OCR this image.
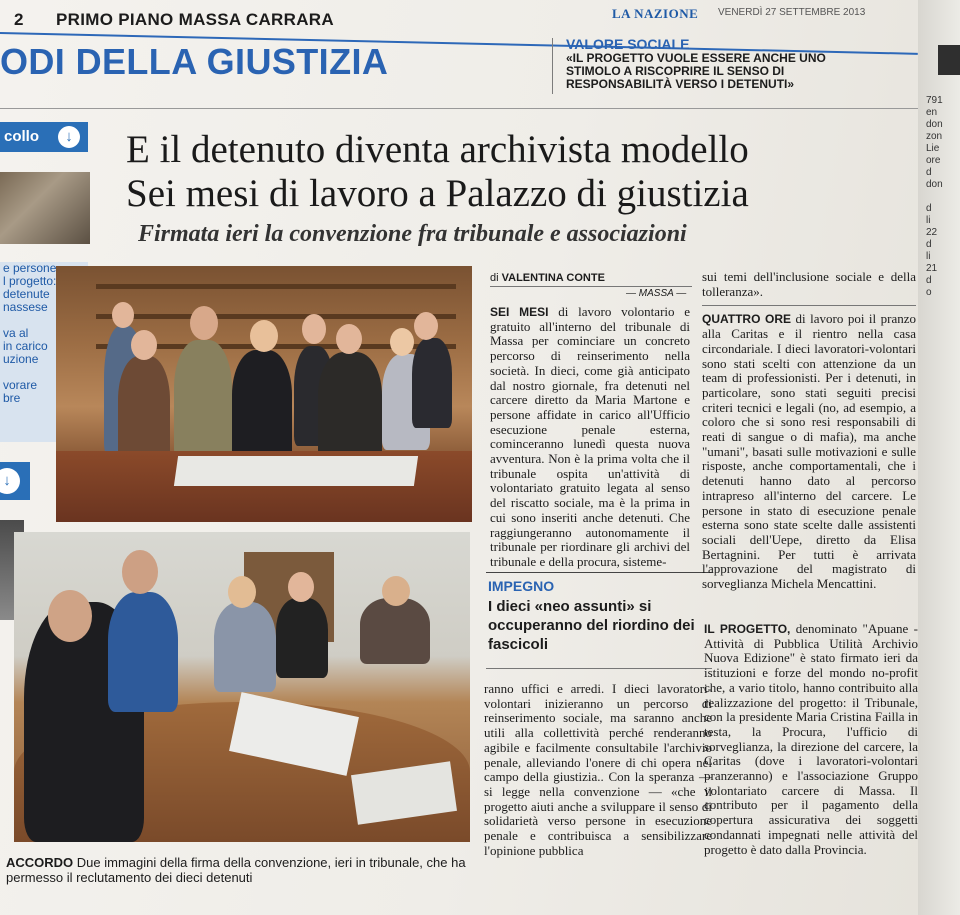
2 PRIMO PIANO MASSA CARRARA	LA NAZIONE VENERDÌ 27 SETTEMBRE 2013
ODI DELLA GIUSTIZIA	VALORE SOCIALE
«IL PROGETTO VUOLE ESSERE ANCHE UNO STIMOLO A RISCOPRIRE IL SENSO DI RESPONSABILITÀ VERSO I DETENUTI»
collo	↓
e persone
l progetto:
detenute
nassese

va al
in carico
uzione

vorare
bre
↓
E il detenuto diventa archivista modello
Sei mesi di lavoro a Palazzo di giustizia
Firmata ieri la convenzione fra tribunale e associazioni
ACCORDO Due immagini della firma della convenzione, ieri in tribunale, che ha permesso il reclutamento dei dieci detenuti
di VALENTINA CONTE
— MASSA —

SEI MESI di lavoro volontario e gratuito all'interno del tribunale di Massa per cominciare un concreto percorso di reinserimento nella società. In dieci, come già anticipato dal nostro giornale, fra detenuti nel carcere diretto da Maria Martone e persone affidate in carico all'Ufficio esecuzione penale esterna, cominceranno lunedì questa nuova avventura. Non è la prima volta che il tribunale ospita un'attività di volontariato gratuito legata al senso del riscatto sociale, ma è la prima in cui sono inseriti anche detenuti. Che raggiungeranno autonomamente il tribunale per riordinare gli archivi del tribunale e della procura, sisteme-

ranno uffici e arredi. I dieci lavoratori-volontari inizieranno un percorso di reinserimento sociale, ma saranno anche utili alla collettività perché renderanno agibile e facilmente consultabile l'archivio penale, alleviando l'onere di chi opera nel campo della giustizia.. Con la speranza — si legge nella convenzione — «che il progetto aiuti anche a sviluppare il senso di solidarietà verso persone in esecuzione penale e contribuisca a sensibilizzare l'opinione pubblica

IMPEGNO
I dieci «neo assunti» si occuperanno del riordino dei fascicoli

sui temi dell'inclusione sociale e della tolleranza».

QUATTRO ORE di lavoro poi il pranzo alla Caritas e il rientro nella casa circondariale. I dieci lavoratori-volontari sono stati scelti con attenzione da un team di professionisti. Per i detenuti, in particolare, sono stati seguiti precisi criteri tecnici e legali (no, ad esempio, a coloro che si sono resi responsabili di reati di sangue o di mafia), ma anche "umani", basati sulle motivazioni e sulle risposte, anche comportamentali, che i detenuti hanno dato al percorso intrapreso all'interno del carcere. Le persone in stato di esecuzione penale esterna sono state scelte dalle assistenti sociali dell'Uepe, diretto da Elisa Bertagnini. Per tutti è arrivata l'approvazione del magistrato di sorveglianza Michela Mencattini.

IL PROGETTO, denominato "Apuane - Attività di Pubblica Utilità Archivio Nuova Edizione" è stato firmato ieri da istituzioni e forze del mondo no-profit che, a vario titolo, hanno contribuito alla realizzazione del progetto: il Tribunale, con la presidente Maria Cristina Failla in testa, la Procura, l'ufficio di sorveglianza, la direzione del carcere, la Caritas (dove i lavoratori-volontari pranzeranno) e l'associazione Gruppo volontariato carcere di Massa. Il contributo per il pagamento della copertura assicurativa dei soggetti condannati impegnati nelle attività del progetto è dato dalla Provincia.

791
en
don
zon
Lie
ore
d
don

d
li
22
d
li
21
d
o
